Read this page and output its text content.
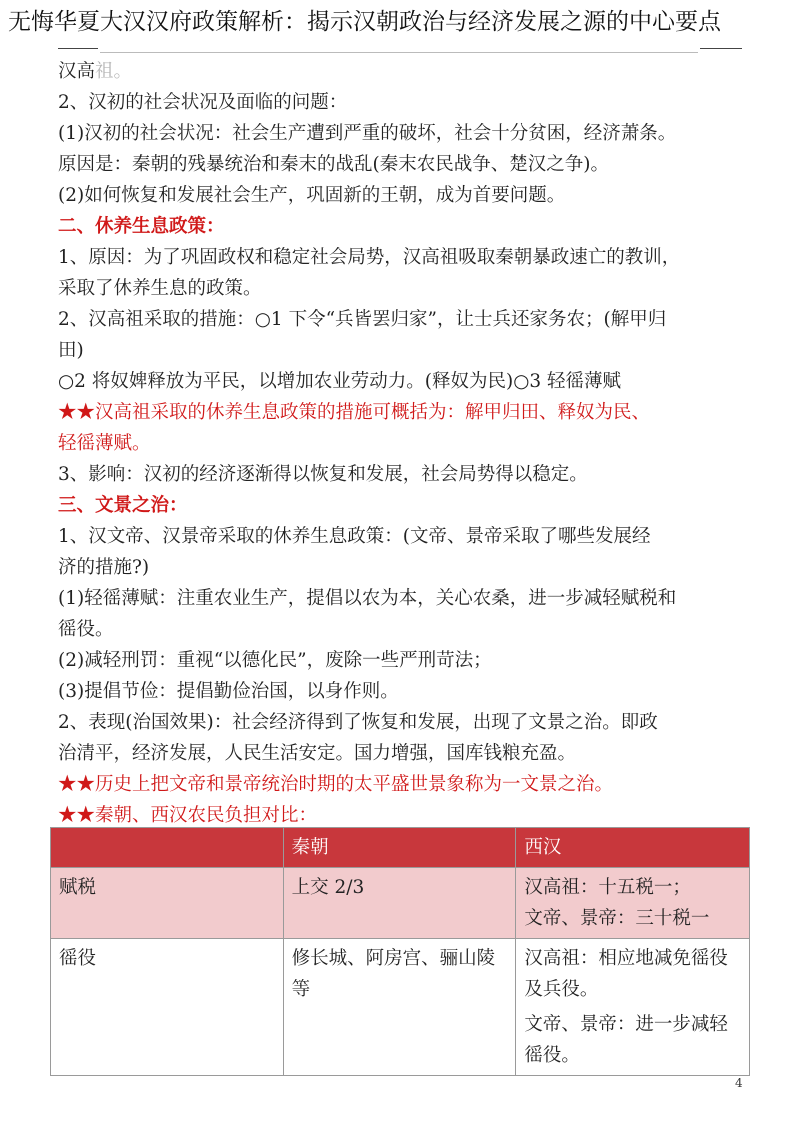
无悔华夏大汉汉府政策解析：揭示汉朝政治与经济发展之源的中心要点
汉高祖。
2、汉初的社会状况及面临的问题：
(1)汉初的社会状况：社会生产遭到严重的破坏，社会十分贫困，经济萧条。
原因是：秦朝的残暴统治和秦末的战乱(秦末农民战争、楚汉之争)。
(2)如何恢复和发展社会生产，巩固新的王朝，成为首要问题。
二、休养生息政策：
1、原因：为了巩固政权和稳定社会局势，汉高祖吸取秦朝暴政速亡的教训，
采取了休养生息的政策。
2、汉高祖采取的措施：○1 下令“兵皆罢归家”，让士兵还家务农；(解甲归
田)
○2 将奴婢释放为平民，以增加农业劳动力。(释奴为民)○3 轻徭薄赋
★★汉高祖采取的休养生息政策的措施可概括为：解甲归田、释奴为民、
轻徭薄赋。
3、影响：汉初的经济逐渐得以恢复和发展，社会局势得以稳定。
三、文景之治：
1、汉文帝、汉景帝采取的休养生息政策：(文帝、景帝采取了哪些发展经
济的措施?)
(1)轻徭薄赋：注重农业生产，提倡以农为本，关心农桑，进一步减轻赋税和
徭役。
(2)减轻刑罚：重视“以德化民”，废除一些严刑苛法；
(3)提倡节俭：提倡勤俭治国，以身作则。
2、表现(治国效果)：社会经济得到了恢复和发展，出现了文景之治。即政
治清平，经济发展，人民生活安定。国力增强，国库钱粮充盈。
★★历史上把文帝和景帝统治时期的太平盛世景象称为一文景之治。
★★秦朝、西汉农民负担对比：
	秦朝	西汉
赋税	上交 2/3	汉高祖：十五税一；
文帝、景帝：三十税一

徭役	修长城、阿房宫、骊山陵等	汉高祖：相应地减免徭役及兵役。
文帝、景帝：进一步减轻徭役。
4
